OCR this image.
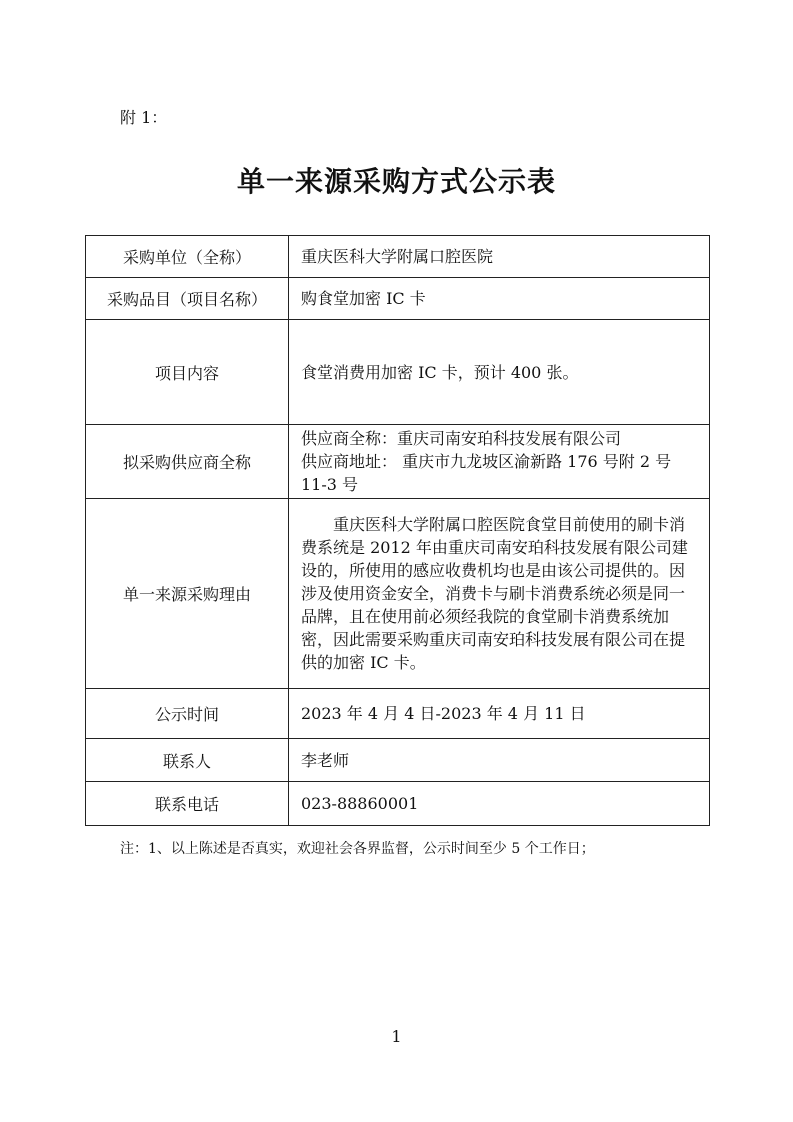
附 1：
单一来源采购方式公示表
采购单位（全称）	重庆医科大学附属口腔医院
采购品目（项目名称）	购食堂加密 IC 卡
项目内容	食堂消费用加密 IC 卡，预计 400 张。
拟采购供应商全称	供应商全称：重庆司南安珀科技发展有限公司
供应商地址： 重庆市九龙坡区渝新路 176 号附 2 号 11-3 号

单一来源采购理由	重庆医科大学附属口腔医院食堂目前使用的刷卡消费系统是 2012 年由重庆司南安珀科技发展有限公司建设的，所使用的感应收费机均也是由该公司提供的。因涉及使用资金安全，消费卡与刷卡消费系统必须是同一品牌，且在使用前必须经我院的食堂刷卡消费系统加密，因此需要采购重庆司南安珀科技发展有限公司在提供的加密 IC 卡。
公示时间	2023 年 4 月 4 日-2023 年 4 月 11 日
联系人	李老师
联系电话	023-88860001
注：1、以上陈述是否真实，欢迎社会各界监督，公示时间至少 5 个工作日；
1
